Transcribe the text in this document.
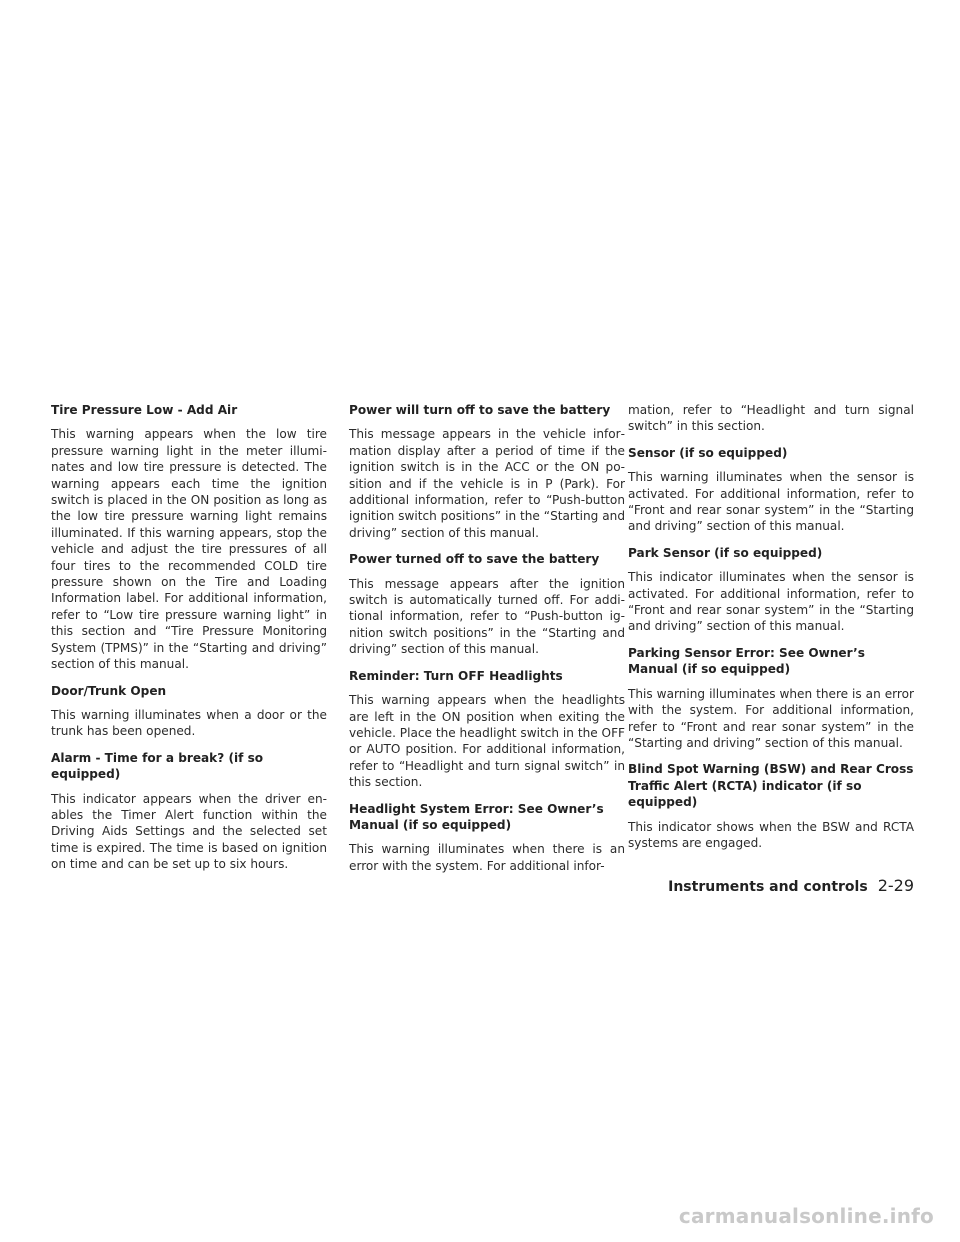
Tire Pressure Low - Add Air
This warning appears when the low tire pressure warning light in the meter illuminates and low tire pressure is detected. The warning appears each time the ignition switch is placed in the ON position as long as the low tire pressure warning light remains illuminated. If this warning appears, stop the vehicle and adjust the tire pressures of all four tires to the recommended COLD tire pressure shown on the Tire and Loading Information label. For additional information, refer to “Low tire pressure warning light” in this section and “Tire Pressure Monitoring System (TPMS)” in the “Starting and driving” section of this manual.
Door/Trunk Open
This warning illuminates when a door or the trunk has been opened.
Alarm - Time for a break? (if so equipped)
This indicator appears when the driver enables the Timer Alert function within the Driving Aids Settings and the selected set time is expired. The time is based on ignition on time and can be set up to six hours.
Power will turn off to save the battery
This message appears in the vehicle information display after a period of time if the ignition switch is in the ACC or the ON position and if the vehicle is in P (Park). For additional information, refer to “Push-button ignition switch positions” in the “Starting and driving” section of this manual.
Power turned off to save the battery
This message appears after the ignition switch is automatically turned off. For additional information, refer to “Push-button ignition switch positions” in the “Starting and driving” section of this manual.
Reminder: Turn OFF Headlights
This warning appears when the headlights are left in the ON position when exiting the vehicle. Place the headlight switch in the OFF or AUTO position. For additional information, refer to “Headlight and turn signal switch” in this section.
Headlight System Error: See Owner’s Manual (if so equipped)
This warning illuminates when there is an error with the system. For additional infor-
mation, refer to “Headlight and turn signal switch” in this section.
Sensor (if so equipped)
This warning illuminates when the sensor is activated. For additional information, refer to “Front and rear sonar system” in the “Starting and driving” section of this manual.
Park Sensor (if so equipped)
This indicator illuminates when the sensor is activated. For additional information, refer to “Front and rear sonar system” in the “Starting and driving” section of this manual.
Parking Sensor Error: See Owner’s Manual (if so equipped)
This warning illuminates when there is an error with the system. For additional information, refer to “Front and rear sonar system” in the “Starting and driving” section of this manual.
Blind Spot Warning (BSW) and Rear Cross Traffic Alert (RCTA) indicator (if so equipped)
This indicator shows when the BSW and RCTA systems are engaged.
Instruments and controls 2-29
carmanualsonline.info
